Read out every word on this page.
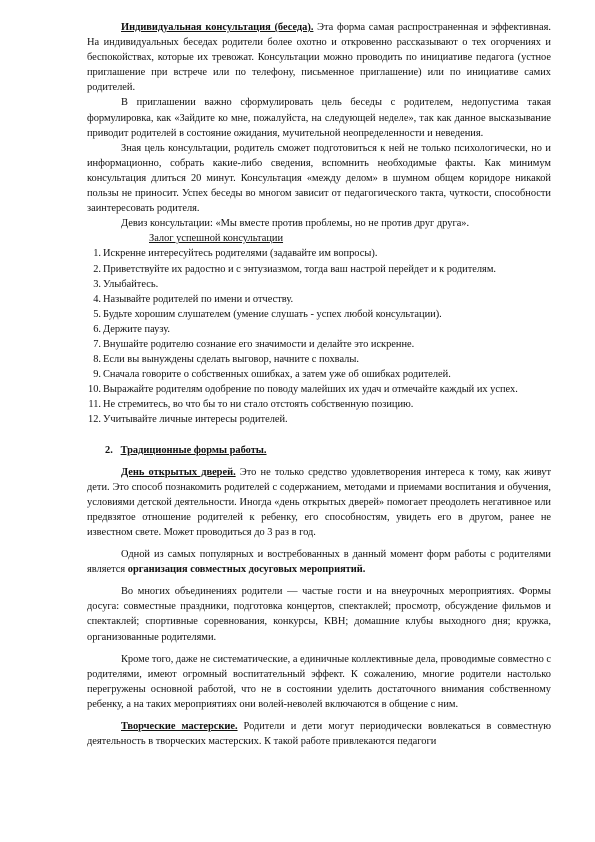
Индивидуальная консультация (беседа). Эта форма самая распространенная и эффективная. На индивидуальных беседах родители более охотно и откровенно рассказывают о тех огорчениях и беспокойствах, которые их тревожат. Консультации можно проводить по инициативе педагога (устное приглашение при встрече или по телефону, письменное приглашение) или по инициативе самих родителей.

В приглашении важно сформулировать цель беседы с родителем, недопустима такая формулировка, как «Зайдите ко мне, пожалуйста, на следующей неделе», так как данное высказывание приводит родителей в состояние ожидания, мучительной неопределенности и неведения.

Зная цель консультации, родитель сможет подготовиться к ней не только психологически, но и информационно, собрать какие-либо сведения, вспомнить необходимые факты. Как минимум консультация длиться 20 минут. Консультация «между делом» в шумном общем коридоре никакой пользы не приносит. Успех беседы во многом зависит от педагогического такта, чуткости, способности заинтересовать родителя.

Девиз консультации: «Мы вместе против проблемы, но не против друг друга».

Залог успешной консультации

1. Искренне интересуйтесь родителями (задавайте им вопросы).
2. Приветствуйте их радостно и с энтузиазмом, тогда ваш настрой перейдет и к родителям.
3. Улыбайтесь.
4. Называйте родителей по имени и отчеству.
5. Будьте хорошим слушателем (умение слушать - успех любой консультации).
6. Держите паузу.
7. Внушайте родителю сознание его значимости и делайте это искренне.
8. Если вы вынуждены сделать выговор, начните с похвалы.
9. Сначала говорите о собственных ошибках, а затем уже об ошибках родителей.
10. Выражайте родителям одобрение по поводу малейших их удач и отмечайте каждый их успех.
11. Не стремитесь, во что бы то ни стало отстоять собственную позицию.
12. Учитывайте личные интересы родителей.

2. Традиционные формы работы.

День открытых дверей. Это не только средство удовлетворения интереса к тому, как живут дети. Это способ познакомить родителей с содержанием, методами и приемами воспитания и обучения, условиями детской деятельности. Иногда «день открытых дверей» помогает преодолеть негативное или предвзятое отношение родителей к ребенку, его способностям, увидеть его в другом, ранее не известном свете. Может проводиться до 3 раз в год.

Одной из самых популярных и востребованных в данный момент форм работы с родителями является организация совместных досуговых мероприятий.

Во многих объединениях родители — частые гости и на внеурочных мероприятиях. Формы досуга: совместные праздники, подготовка концертов, спектаклей; просмотр, обсуждение фильмов и спектаклей; спортивные соревнования, конкурсы, КВН; домашние клубы выходного дня; кружка, организованные родителями.

Кроме того, даже не систематические, а единичные коллективные дела, проводимые совместно с родителями, имеют огромный воспитательный эффект. К сожалению, многие родители настолько перегружены основной работой, что не в состоянии уделить достаточного внимания собственному ребенку, а на таких мероприятиях они волей-неволей включаются в общение с ним.

Творческие мастерские. Родители и дети могут периодически вовлекаться в совместную деятельность в творческих мастерских. К такой работе привлекаются педагоги
